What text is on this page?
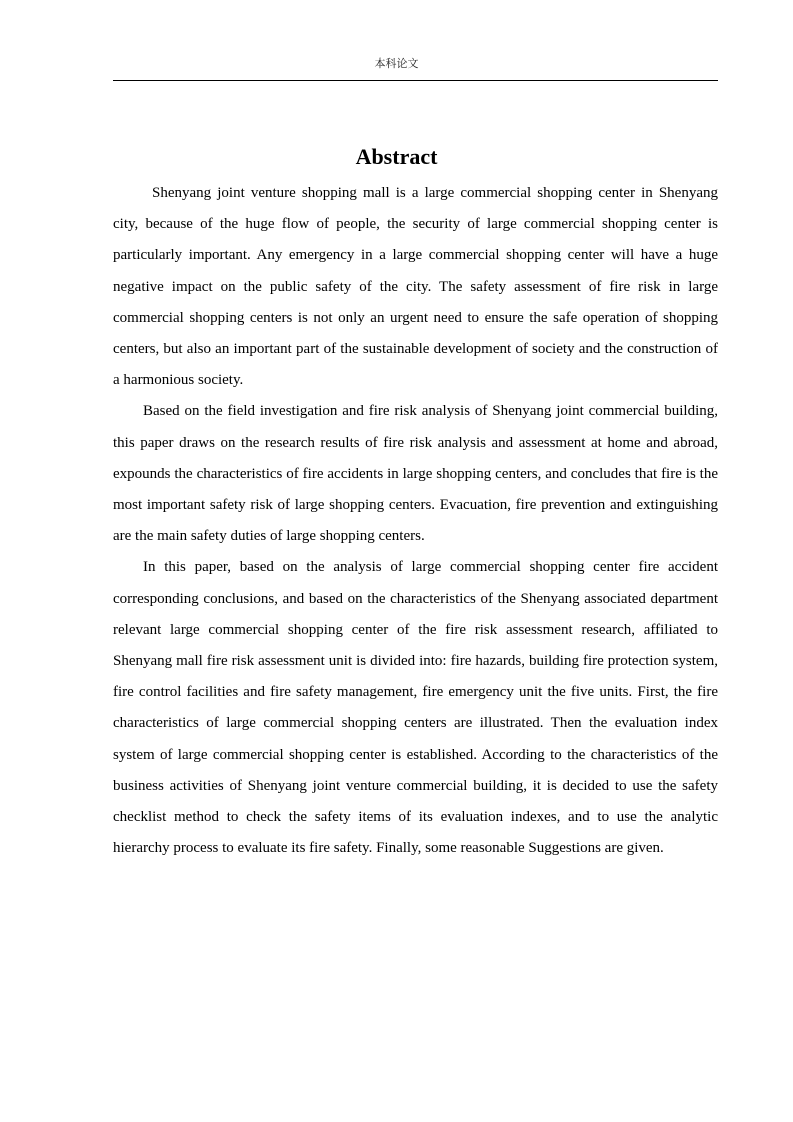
本科论文
Abstract

Shenyang joint venture shopping mall is a large commercial shopping center in Shenyang city, because of the huge flow of people, the security of large commercial shopping center is particularly important. Any emergency in a large commercial shopping center will have a huge negative impact on the public safety of the city. The safety assessment of fire risk in large commercial shopping centers is not only an urgent need to ensure the safe operation of shopping centers, but also an important part of the sustainable development of society and the construction of a harmonious society.

Based on the field investigation and fire risk analysis of Shenyang joint commercial building, this paper draws on the research results of fire risk analysis and assessment at home and abroad, expounds the characteristics of fire accidents in large shopping centers, and concludes that fire is the most important safety risk of large shopping centers. Evacuation, fire prevention and extinguishing are the main safety duties of large shopping centers.

In this paper, based on the analysis of large commercial shopping center fire accident corresponding conclusions, and based on the characteristics of the Shenyang associated department relevant large commercial shopping center of the fire risk assessment research, affiliated to Shenyang mall fire risk assessment unit is divided into: fire hazards, building fire protection system, fire control facilities and fire safety management, fire emergency unit the five units. First, the fire characteristics of large commercial shopping centers are illustrated. Then the evaluation index system of large commercial shopping center is established. According to the characteristics of the business activities of Shenyang joint venture commercial building, it is decided to use the safety checklist method to check the safety items of its evaluation indexes, and to use the analytic hierarchy process to evaluate its fire safety. Finally, some reasonable Suggestions are given.
